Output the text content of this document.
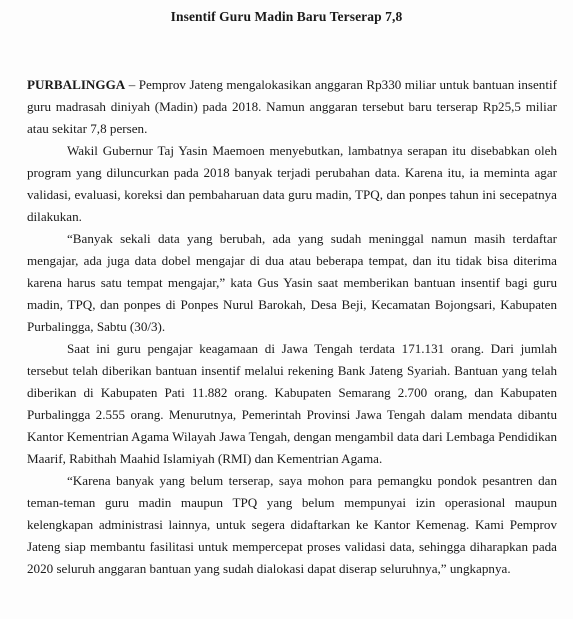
Insentif Guru Madin Baru Terserap 7,8

PURBALINGGA – Pemprov Jateng mengalokasikan anggaran Rp330 miliar untuk bantuan insentif guru madrasah diniyah (Madin) pada 2018. Namun anggaran tersebut baru terserap Rp25,5 miliar atau sekitar 7,8 persen.

Wakil Gubernur Taj Yasin Maemoen menyebutkan, lambatnya serapan itu disebabkan oleh program yang diluncurkan pada 2018 banyak terjadi perubahan data. Karena itu, ia meminta agar validasi, evaluasi, koreksi dan pembaharuan data guru madin, TPQ, dan ponpes tahun ini secepatnya dilakukan.

“Banyak sekali data yang berubah, ada yang sudah meninggal namun masih terdaftar mengajar, ada juga data dobel mengajar di dua atau beberapa tempat, dan itu tidak bisa diterima karena harus satu tempat mengajar,” kata Gus Yasin saat memberikan bantuan insentif bagi guru madin, TPQ, dan ponpes di Ponpes Nurul Barokah, Desa Beji, Kecamatan Bojongsari, Kabupaten Purbalingga, Sabtu (30/3).

Saat ini guru pengajar keagamaan di Jawa Tengah terdata 171.131 orang. Dari jumlah tersebut telah diberikan bantuan insentif melalui rekening Bank Jateng Syariah. Bantuan yang telah diberikan di Kabupaten Pati 11.882 orang. Kabupaten Semarang 2.700 orang, dan Kabupaten Purbalingga 2.555 orang. Menurutnya, Pemerintah Provinsi Jawa Tengah dalam mendata dibantu Kantor Kementrian Agama Wilayah Jawa Tengah, dengan mengambil data dari Lembaga Pendidikan Maarif, Rabithah Maahid Islamiyah (RMI) dan Kementrian Agama.

“Karena banyak yang belum terserap, saya mohon para pemangku pondok pesantren dan teman-teman guru madin maupun TPQ yang belum mempunyai izin operasional maupun kelengkapan administrasi lainnya, untuk segera didaftarkan ke Kantor Kemenag. Kami Pemprov Jateng siap membantu fasilitasi untuk mempercepat proses validasi data, sehingga diharapkan pada 2020 seluruh anggaran bantuan yang sudah dialokasi dapat diserap seluruhnya,” ungkapnya.
